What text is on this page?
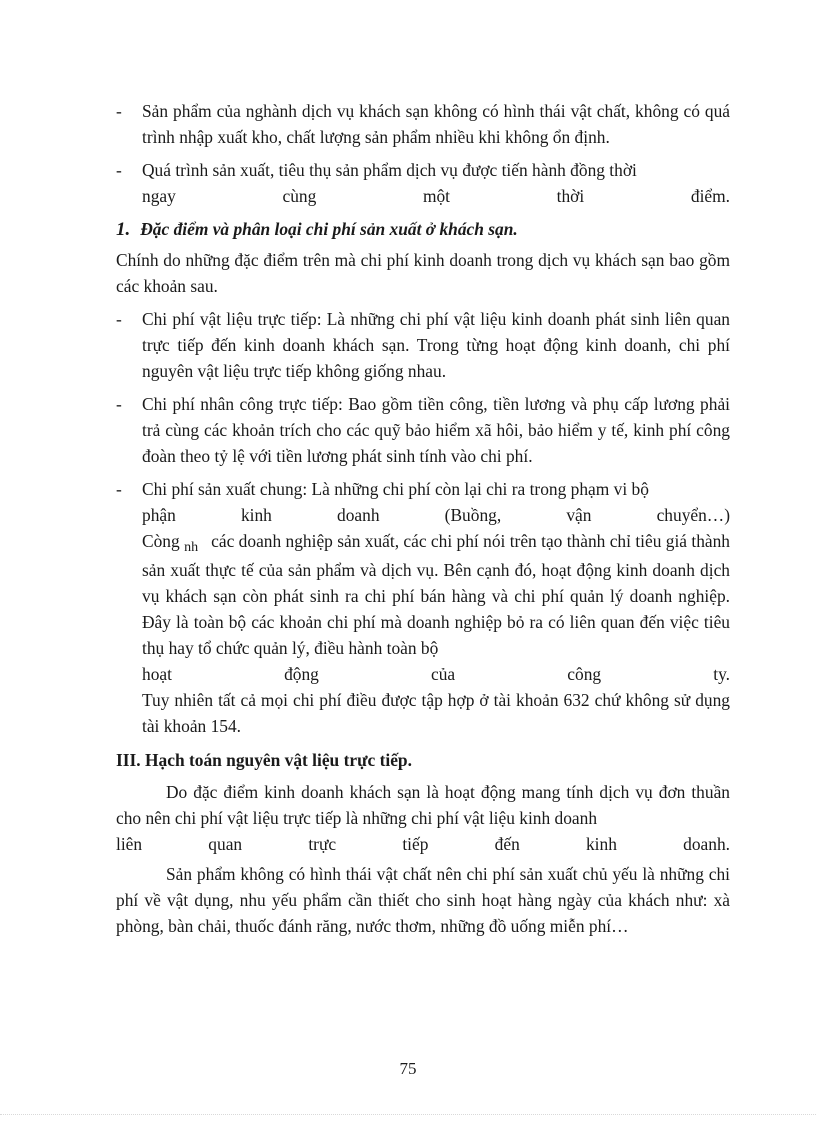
- Sản phẩm của nghành dịch vụ khách sạn không có hình thái vật chất, không có quá trình nhập xuất kho, chất lượng sản phẩm nhiều khi không ổn định.
- Quá trình sản xuất, tiêu thụ sản phẩm dịch vụ được tiến hành đồng thời
ngay cùng một thời điểm.
1. Đặc điểm và phân loại chi phí sản xuất ở khách sạn.
Chính do những đặc điểm trên mà chi phí kinh doanh trong dịch vụ khách sạn bao gồm các khoản sau.
- Chi phí vật liệu trực tiếp: Là những chi phí vật liệu kinh doanh phát sinh liên quan trực tiếp đến kinh doanh khách sạn. Trong từng hoạt động kinh doanh, chi phí nguyên vật liệu trực tiếp không giống nhau.
- Chi phí nhân công trực tiếp: Bao gồm tiền công, tiền lương và phụ cấp lương phải trả cùng các khoản trích cho các quỹ bảo hiểm xã hôi, bảo hiểm y tế, kinh phí công đoàn theo tỷ lệ với tiền lương phát sinh tính vào chi phí.
- Chi phí sản xuất chung: Là những chi phí còn lại chi ra trong phạm vi bộ
phận kinh doanh (Buồng, vận chuyển…)

Còng $_{nh}$ các doanh nghiệp sản xuất, các chi phí nói trên tạo thành chỉ tiêu giá thành sản xuất thực tế của sản phẩm và dịch vụ. Bên cạnh đó, hoạt động kinh doanh dịch vụ khách sạn còn phát sinh ra chi phí bán hàng và chi phí quản lý doanh nghiệp. Đây là toàn bộ các khoản chi phí mà doanh nghiệp bỏ ra có liên quan đến việc tiêu thụ hay tổ chức quản lý, điều hành toàn bộ

hoạt động của công ty.

Tuy nhiên tất cả mọi chi phí điều được tập hợp ở tài khoản 632 chứ không sử dụng tài khoản 154.

III. Hạch toán nguyên vật liệu trực tiếp.

Do đặc điểm kinh doanh khách sạn là hoạt động mang tính dịch vụ đơn thuần cho nên chi phí vật liệu trực tiếp là những chi phí vật liệu kinh doanh

liên quan trực tiếp đến kinh doanh.

Sản phẩm không có hình thái vật chất nên chi phí sản xuất chủ yếu là những chi phí về vật dụng, nhu yếu phẩm cần thiết cho sinh hoạt hàng ngày của khách như: xà phòng, bàn chải, thuốc đánh răng, nước thơm, những đồ uống miễn phí…

75
